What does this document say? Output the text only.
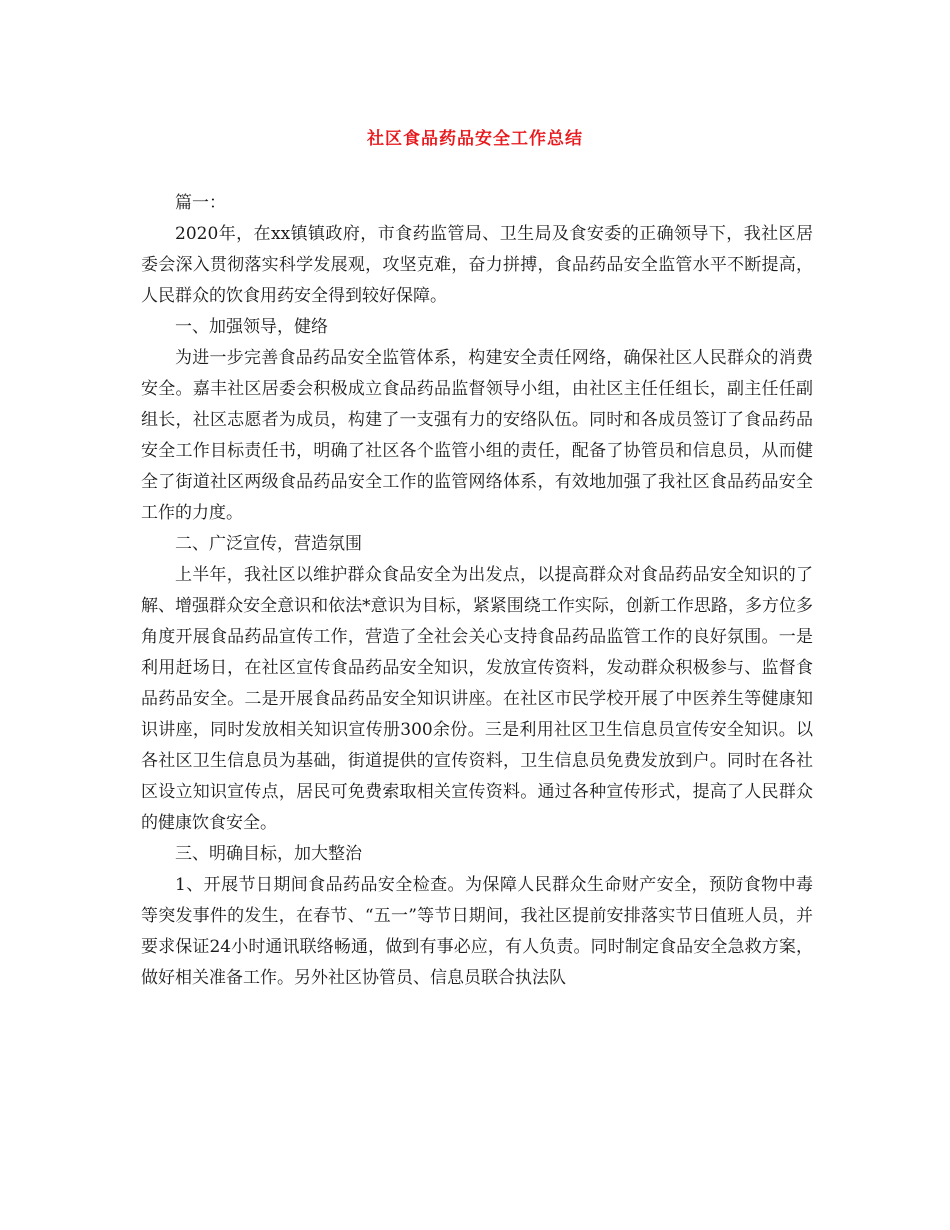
社区食品药品安全工作总结

篇一：

2020年，在xx镇镇政府，市食药监管局、卫生局及食安委的正确领导下，我社区居委会深入贯彻落实科学发展观，攻坚克难，奋力拼搏，食品药品安全监管水平不断提高，人民群众的饮食用药安全得到较好保障。

一、加强领导，健络

为进一步完善食品药品安全监管体系，构建安全责任网络，确保社区人民群众的消费安全。嘉丰社区居委会积极成立食品药品监督领导小组，由社区主任任组长，副主任任副组长，社区志愿者为成员，构建了一支强有力的安络队伍。同时和各成员签订了食品药品安全工作目标责任书，明确了社区各个监管小组的责任，配备了协管员和信息员，从而健全了街道社区两级食品药品安全工作的监管网络体系，有效地加强了我社区食品药品安全工作的力度。

二、广泛宣传，营造氛围

上半年，我社区以维护群众食品安全为出发点，以提高群众对食品药品安全知识的了解、增强群众安全意识和依法*意识为目标，紧紧围绕工作实际，创新工作思路，多方位多角度开展食品药品宣传工作，营造了全社会关心支持食品药品监管工作的良好氛围。一是利用赶场日，在社区宣传食品药品安全知识，发放宣传资料，发动群众积极参与、监督食品药品安全。二是开展食品药品安全知识讲座。在社区市民学校开展了中医养生等健康知识讲座，同时发放相关知识宣传册300余份。三是利用社区卫生信息员宣传安全知识。以各社区卫生信息员为基础，街道提供的宣传资料，卫生信息员免费发放到户。同时在各社区设立知识宣传点，居民可免费索取相关宣传资料。通过各种宣传形式，提高了人民群众的健康饮食安全。

三、明确目标，加大整治

1、开展节日期间食品药品安全检查。为保障人民群众生命财产安全，预防食物中毒等突发事件的发生，在春节、“五一”等节日期间，我社区提前安排落实节日值班人员，并要求保证24小时通讯联络畅通，做到有事必应，有人负责。同时制定食品安全急救方案，做好相关准备工作。另外社区协管员、信息员联合执法队
